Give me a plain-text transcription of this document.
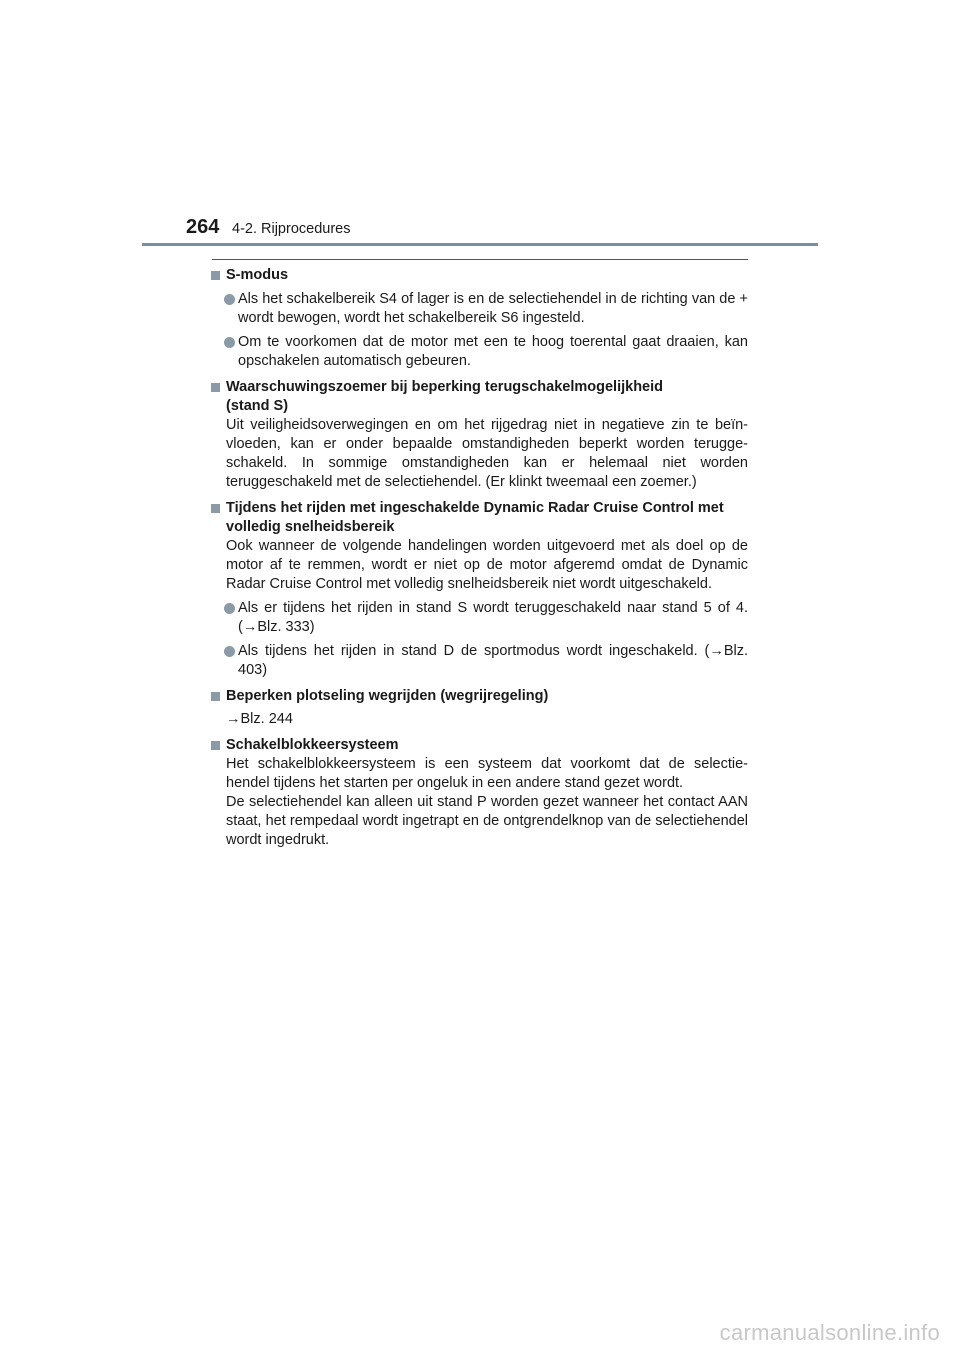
264 4-2. Rijprocedures
S-modus
Als het schakelbereik S4 of lager is en de selectiehendel in de richting van de + wordt bewogen, wordt het schakelbereik S6 ingesteld.
Om te voorkomen dat de motor met een te hoog toerental gaat draaien, kan opschakelen automatisch gebeuren.
Waarschuwingszoemer bij beperking terugschakelmogelijkheid
(stand S)
Uit veiligheidsoverwegingen en om het rijgedrag niet in negatieve zin te beïn- vloeden, kan er onder bepaalde omstandigheden beperkt worden terugge- schakeld. In sommige omstandigheden kan er helemaal niet worden teruggeschakeld met de selectiehendel. (Er klinkt tweemaal een zoemer.)
Tijdens het rijden met ingeschakelde Dynamic Radar Cruise Control met volledig snelheidsbereik
Ook wanneer de volgende handelingen worden uitgevoerd met als doel op de motor af te remmen, wordt er niet op de motor afgeremd omdat de Dynamic Radar Cruise Control met volledig snelheidsbereik niet wordt uitgeschakeld.
Als er tijdens het rijden in stand S wordt teruggeschakeld naar stand 5 of 4. (→Blz. 333)
Als tijdens het rijden in stand D de sportmodus wordt ingeschakeld. (→Blz. 403)
Beperken plotseling wegrijden (wegrijregeling)
→Blz. 244
Schakelblokkeersysteem
Het schakelblokkeersysteem is een systeem dat voorkomt dat de selectie- hendel tijdens het starten per ongeluk in een andere stand gezet wordt.
De selectiehendel kan alleen uit stand P worden gezet wanneer het contact AAN staat, het rempedaal wordt ingetrapt en de ontgrendelknop van de selectiehendel wordt ingedrukt.
carmanualsonline.info
